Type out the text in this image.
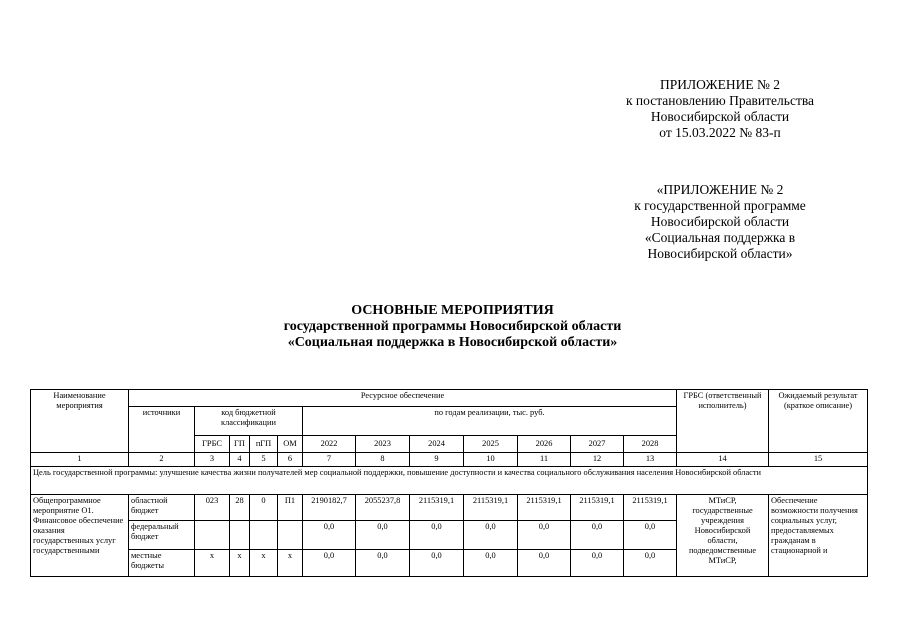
ПРИЛОЖЕНИЕ № 2
к постановлению Правительства
Новосибирской области
от 15.03.2022 № 83-п
«ПРИЛОЖЕНИЕ № 2
к государственной программе
Новосибирской области
«Социальная поддержка в
Новосибирской области»
ОСНОВНЫЕ МЕРОПРИЯТИЯ
государственной программы Новосибирской области
«Социальная поддержка в Новосибирской области»
Наименование мероприятия	Ресурсное обеспечение												ГРБС (ответственный исполнитель)	Ожидаемый результат (краткое описание)
	источники	код бюджетной классификации				по годам реализации, тыс. руб.								
		ГРБС	ГП	пГП	ОМ	2022	2023	2024	2025	2026	2027	2028		
1	2	3	4	5	6	7	8	9	10	11	12	13	14	15
Цель государственной программы: улучшение качества жизни получателей мер социальной поддержки, повышение доступности и качества социального обслуживания населения Новосибирской области														
Общепрограммное мероприятие О1. Финансовое обеспечение оказания государственных услуг государственными	областной бюджет	023	28	0	П1	2190182,7	2055237,8	2115319,1	2115319,1	2115319,1	2115319,1	2115319,1	МТиСР, государственные учреждения Новосибирской области, подведомственные МТиСР,	Обеспечение возможности получения социальных услуг, предоставляемых гражданам в стационарной и
	федеральный бюджет					0,0	0,0	0,0	0,0	0,0	0,0	0,0		
	местные бюджеты	х	х	х	х	0,0	0,0	0,0	0,0	0,0	0,0	0,0		
